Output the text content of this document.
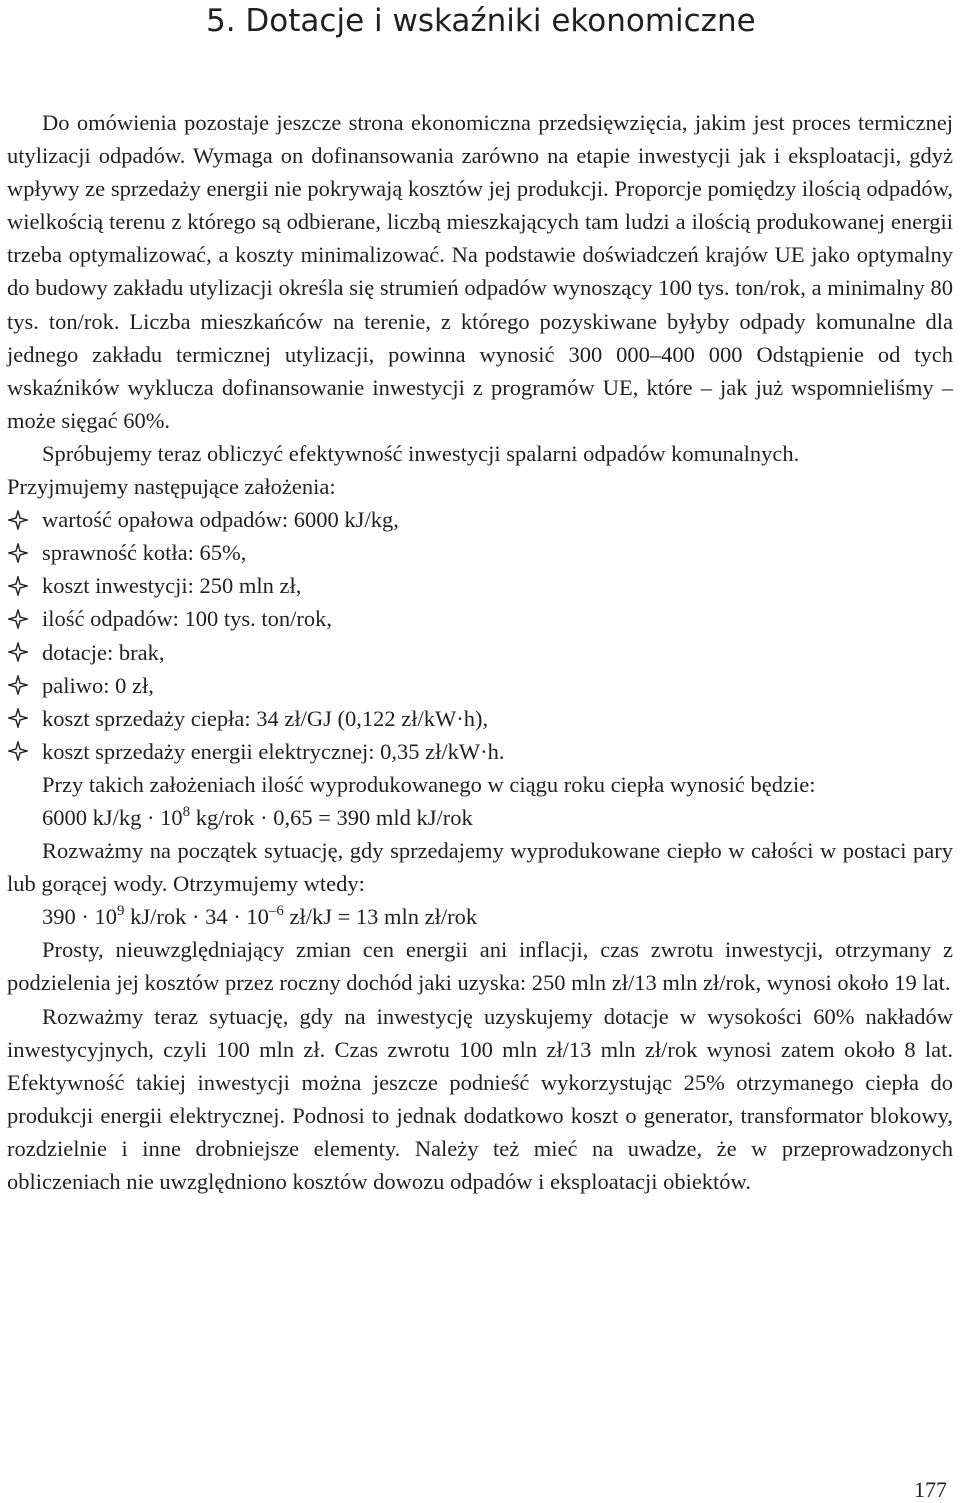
5. Dotacje i wskaźniki ekonomiczne

Do omówienia pozostaje jeszcze strona ekonomiczna przedsięwzięcia, jakim jest proces termicznej utylizacji odpadów. Wymaga on dofinansowania zarówno na etapie inwestycji jak i eksploatacji, gdyż wpływy ze sprzedaży energii nie pokrywają kosztów jej produkcji. Proporcje pomiędzy ilością odpadów, wielkością terenu z którego są odbierane, liczbą mieszkających tam ludzi a ilością produkowanej energii trzeba optymalizować, a koszty minimalizować. Na podstawie doświadczeń krajów UE jako optymalny do budowy zakładu utylizacji określa się strumień odpadów wynoszący 100 tys. ton/rok, a minimalny 80 tys. ton/rok. Liczba mieszkańców na terenie, z którego pozyskiwane byłyby odpady komunalne dla jednego zakładu termicznej utylizacji, powinna wynosić 300 000–400 000 Odstąpienie od tych wskaźników wyklucza dofinansowanie inwestycji z programów UE, które – jak już wspomnieliśmy – może sięgać 60%.

Spróbujemy teraz obliczyć efektywność inwestycji spalarni odpadów komunalnych.

Przyjmujemy następujące założenia:

wartość opałowa odpadów: 6000 kJ/kg,
sprawność kotła: 65%,
koszt inwestycji: 250 mln zł,
ilość odpadów: 100 tys. ton/rok,
dotacje: brak,
paliwo: 0 zł,
koszt sprzedaży ciepła: 34 zł/GJ (0,122 zł/kW·h),
koszt sprzedaży energii elektrycznej: 0,35 zł/kW·h.

Przy takich założeniach ilość wyprodukowanego w ciągu roku ciepła wynosić będzie:

6000 $kJ/kg \cdot 10^8$ kg/rok · 0,65 = 390 mld kJ/rok

Rozważmy na początek sytuację, gdy sprzedajemy wyprodukowane ciepło w całości w postaci pary lub gorącej wody. Otrzymujemy wtedy:

$390 \cdot 10^9$ $kJ/rok \cdot 34 \cdot 10^{-6}$ zł/kJ = 13 mln zł/rok

Prosty, nieuwzględniający zmian cen energii ani inflacji, czas zwrotu inwestycji, otrzymany z podzielenia jej kosztów przez roczny dochód jaki uzyska: 250 mln zł/13 mln zł/rok, wynosi około 19 lat.

Rozważmy teraz sytuację, gdy na inwestycję uzyskujemy dotacje w wysokości 60% nakładów inwestycyjnych, czyli 100 mln zł. Czas zwrotu 100 mln zł/13 mln zł/rok wynosi zatem około 8 lat. Efektywność takiej inwestycji można jeszcze podnieść wykorzystując 25% otrzymanego ciepła do produkcji energii elektrycznej. Podnosi to jednak dodatkowo koszt o generator, transformator blokowy, rozdzielnie i inne drobniejsze elementy. Należy też mieć na uwadze, że w przeprowadzonych obliczeniach nie uwzględniono kosztów dowozu odpadów i eksploatacji obiektów.

177
